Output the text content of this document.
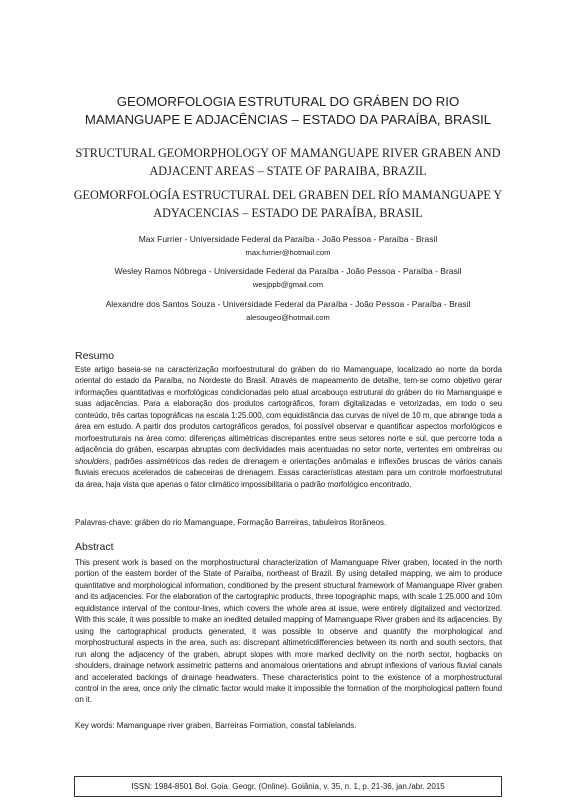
GEOMORFOLOGIA ESTRUTURAL DO GRÁBEN DO RIO MAMANGUAPE E ADJACÊNCIAS – ESTADO DA PARAÍBA, BRASIL
STRUCTURAL GEOMORPHOLOGY OF MAMANGUAPE RIVER GRABEN AND ADJACENT AREAS – STATE OF PARAIBA, BRAZIL
GEOMORFOLOGÍA ESTRUCTURAL DEL GRABEN DEL RÍO MAMANGUAPE Y ADYACENCIAS – ESTADO DE PARAÍBA, BRASIL
Max Furrier - Universidade Federal da Paraíba - João Pessoa - Paraíba - Brasil
max.furrier@hotmail.com
Wesley Ramos Nóbrega - Universidade Federal da Paraíba - João Pessoa - Paraíba - Brasil
wesjppb@gmail.com
Alexandre dos Santos Souza - Universidade Federal da Paraíba - João Pessoa - Paraíba - Brasil
alesougeo@hotmail.com
Resumo

Este artigo baseia-se na caracterização morfoestrutural do gráben do rio Mamanguape, localizado ao norte da borda oriental do estado da Paraíba, no Nordeste do Brasil. Através de mapeamento de detalhe, tem-se como objetivo gerar informações quantitativas e morfológicas condicionadas pelo atual arcabouço estrutural do gráben do rio Mamanguape e suas adjacências. Para a elaboração dos produtos cartográficos, foram digitalizadas e vetorizadas, em todo o seu conteúdo, três cartas topográficas na escala 1:25.000, com equidistância das curvas de nível de 10 m, que abrange toda a área em estudo. A partir dos produtos cartográficos gerados, foi possível observar e quantificar aspectos morfológicos e morfoestruturais na área como: diferenças altimétricas discrepantes entre seus setores norte e sul, que percorre toda a adjacência do gráben, escarpas abruptas com declividades mais acentuadas no setor norte, vertentes em ombreiras ou shoulders, padrões assimétricos das redes de drenagem e orientações anômalas e inflexões bruscas de vários canais fluviais erecuos acelerados de cabeceiras de drenagem. Essas características atestam para um controle morfoestrutural da área, haja vista que apenas o fator climático impossibilitaria o padrão morfológico encontrado.

Palavras-chave: gráben do rio Mamanguape, Formação Barreiras, tabuleiros litorâneos.

Abstract

This present work is based on the morphostructural characterization of Mamanguape River graben, located in the north portion of the eastern border of the State of Paraíba, northeast of Brazil. By using detailed mapping, we aim to produce quantitative and morphological information, conditioned by the present structural framework of Mamanguape River graben and its adjacencies. For the elaboration of the cartographic products, three topographic maps, with scale 1:25.000 and 10m equidistance interval of the contour-lines, which covers the whole area at issue, were entirely digitalized and vectorized. With this scale, it was possible to make an inedited detailed mapping of Mamanguape River graben and its adjacencies. By using the cartographical products generated, it was possible to observe and quantify the morphological and morphostructural aspects in the area, such as: discrepant altimetricdifferencies between its north and south sectors, that run along the adjacency of the graben, abrupt slopes with more marked declivity on the north sector, hogbacks on shoulders, drainage network assimetric patterns and anomalous orientations and abrupt inflexions of various fluvial canals and accelerated backings of drainage headwaters. These characteristics point to the existence of a morphostructural control in the area, once only the climatic factor would make it impossible the formation of the morphological pattern found on it.

Key words: Mamanguape river graben, Barreiras Formation, coastal tablelands.

ISSN: 1984-8501 Bol. Goia. Geogr. (Online). Goiânia, v. 35, n. 1, p. 21-36, jan./abr. 2015
